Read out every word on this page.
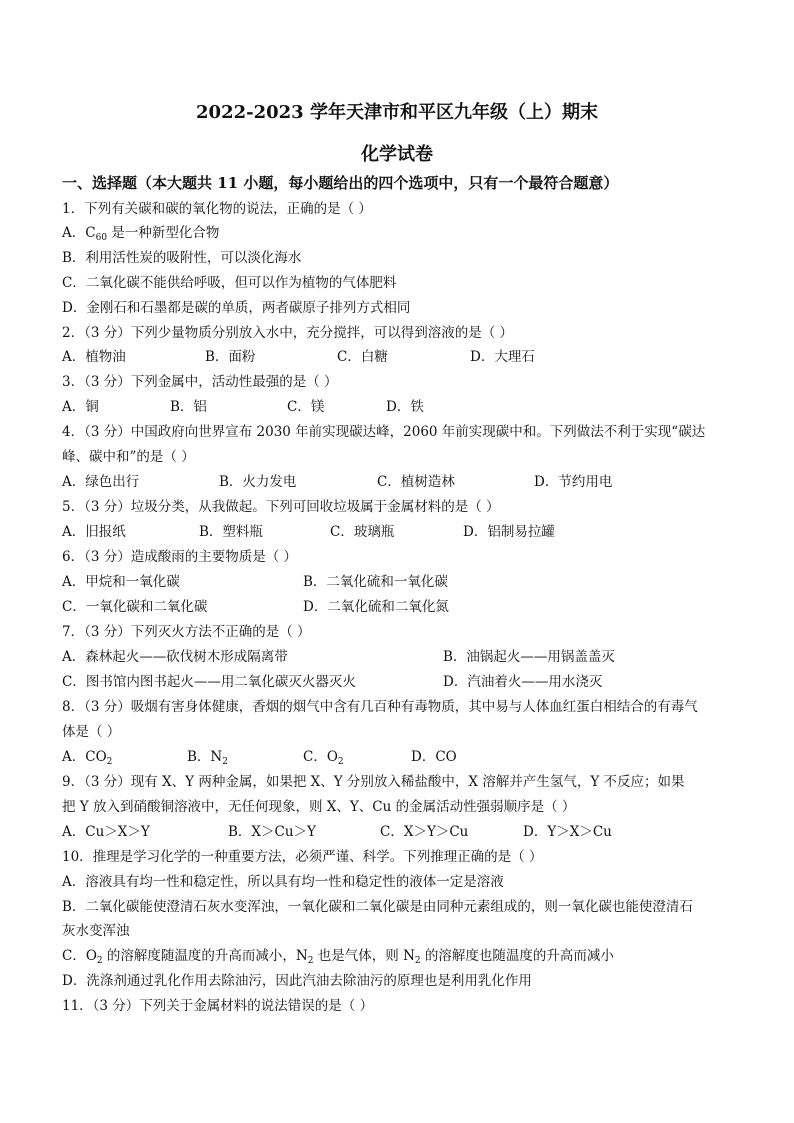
2022-2023 学年天津市和平区九年级（上）期末
化学试卷
一、选择题（本大题共 11 小题，每小题给出的四个选项中，只有一个最符合题意）
1．下列有关碳和碳的氧化物的说法，正确的是（ ）
A．$C_{60}$ 是一种新型化合物
B．利用活性炭的吸附性，可以淡化海水
C．二氧化碳不能供给呼吸，但可以作为植物的气体肥料
D．金刚石和石墨都是碳的单质，两者碳原子排列方式相同
2．（3 分）下列少量物质分别放入水中，充分搅拌，可以得到溶液的是（ ）
A．植物油	B．面粉	C．白糖	D．大理石
3．（3 分）下列金属中，活动性最强的是（ ）
A．铜	B．铝	C．镁	D．铁
4．（3 分）中国政府向世界宣布 2030 年前实现碳达峰，2060 年前实现碳中和。下列做法不利于实现“碳达
峰、碳中和”的是（ ）
A．绿色出行	B．火力发电	C．植树造林	D．节约用电
5．（3 分）垃圾分类，从我做起。下列可回收垃圾属于金属材料的是（ ）
A．旧报纸	B．塑料瓶	C．玻璃瓶	D．铝制易拉罐
6．（3 分）造成酸雨的主要物质是（ ）
A．甲烷和一氧化碳	B．二氧化硫和一氧化碳
C．一氧化碳和二氧化碳	D．二氧化硫和二氧化氮
7．（3 分）下列灭火方法不正确的是（ ）
A．森林起火——砍伐树木形成隔离带	B．油锅起火——用锅盖盖灭
C．图书馆内图书起火——用二氧化碳灭火器灭火	D．汽油着火——用水浇灭
8．（3 分）吸烟有害身体健康，香烟的烟气中含有几百种有毒物质，其中易与人体血红蛋白相结合的有毒气
体是（ ）
A．$CO_2$	B．$N_2$	C．$O_2$	D．CO
9．（3 分）现有 X、Y 两种金属，如果把 X、Y 分别放入稀盐酸中，X 溶解并产生氢气，Y 不反应；如果
把 Y 放入到硝酸铜溶液中，无任何现象，则 X、Y、Cu 的金属活动性强弱顺序是（ ）
A．Cu＞X＞Y	B．X＞Cu＞Y	C．X＞Y＞Cu	D．Y＞X＞Cu
10．推理是学习化学的一种重要方法，必须严谨、科学。下列推理正确的是（ ）
A．溶液具有均一性和稳定性，所以具有均一性和稳定性的液体一定是溶液
B．二氧化碳能使澄清石灰水变浑浊，一氧化碳和二氧化碳是由同种元素组成的，则一氧化碳也能使澄清石
灰水变浑浊
C．$O_2$ 的溶解度随温度的升高而减小，$N_2$ 也是气体，则 $N_2$ 的溶解度也随温度的升高而减小
D．洗涤剂通过乳化作用去除油污，因此汽油去除油污的原理也是利用乳化作用
11．（3 分）下列关于金属材料的说法错误的是（ ）
